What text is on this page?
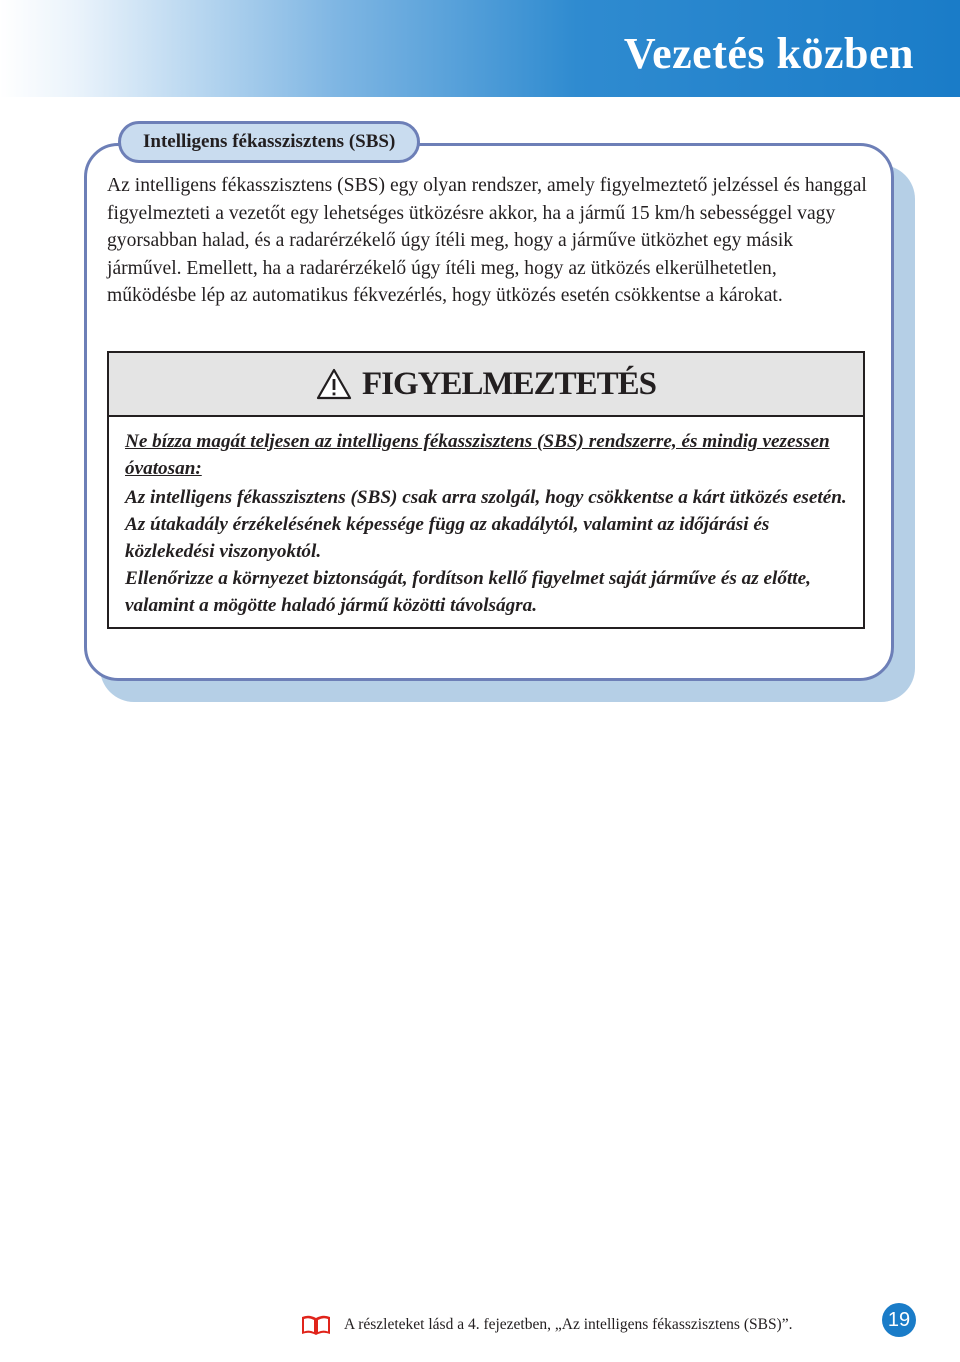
Vezetés közben
Intelligens fékasszisztens (SBS)

Az intelligens fékasszisztens (SBS) egy olyan rendszer, amely figyelmeztető jelzéssel és hanggal figyelmezteti a vezetőt egy lehetséges ütközésre akkor, ha a jármű 15 km/h sebességgel vagy gyorsabban halad, és a radarérzékelő úgy ítéli meg, hogy a járműve ütközhet egy másik járművel. Emellett, ha a radarérzékelő úgy ítéli meg, hogy az ütközés elkerülhetetlen, működésbe lép az automatikus fékvezérlés, hogy ütközés esetén csökkentse a károkat.

FIGYELMEZTETÉS

Ne bízza magát teljesen az intelligens fékasszisztens (SBS) rendszerre, és mindig vezessen óvatosan:

Az intelligens fékasszisztens (SBS) csak arra szolgál, hogy csökkentse a kárt ütközés esetén. Az útakadály érzékelésének képessége függ az akadálytól, valamint az időjárási és közlekedési viszonyoktól.

Ellenőrizze a környezet biztonságát, fordítson kellő figyelmet saját járműve és az előtte, valamint a mögötte haladó jármű közötti távolságra.

A részleteket lásd a 4. fejezetben, „Az intelligens fékasszisztens (SBS)”.	19
